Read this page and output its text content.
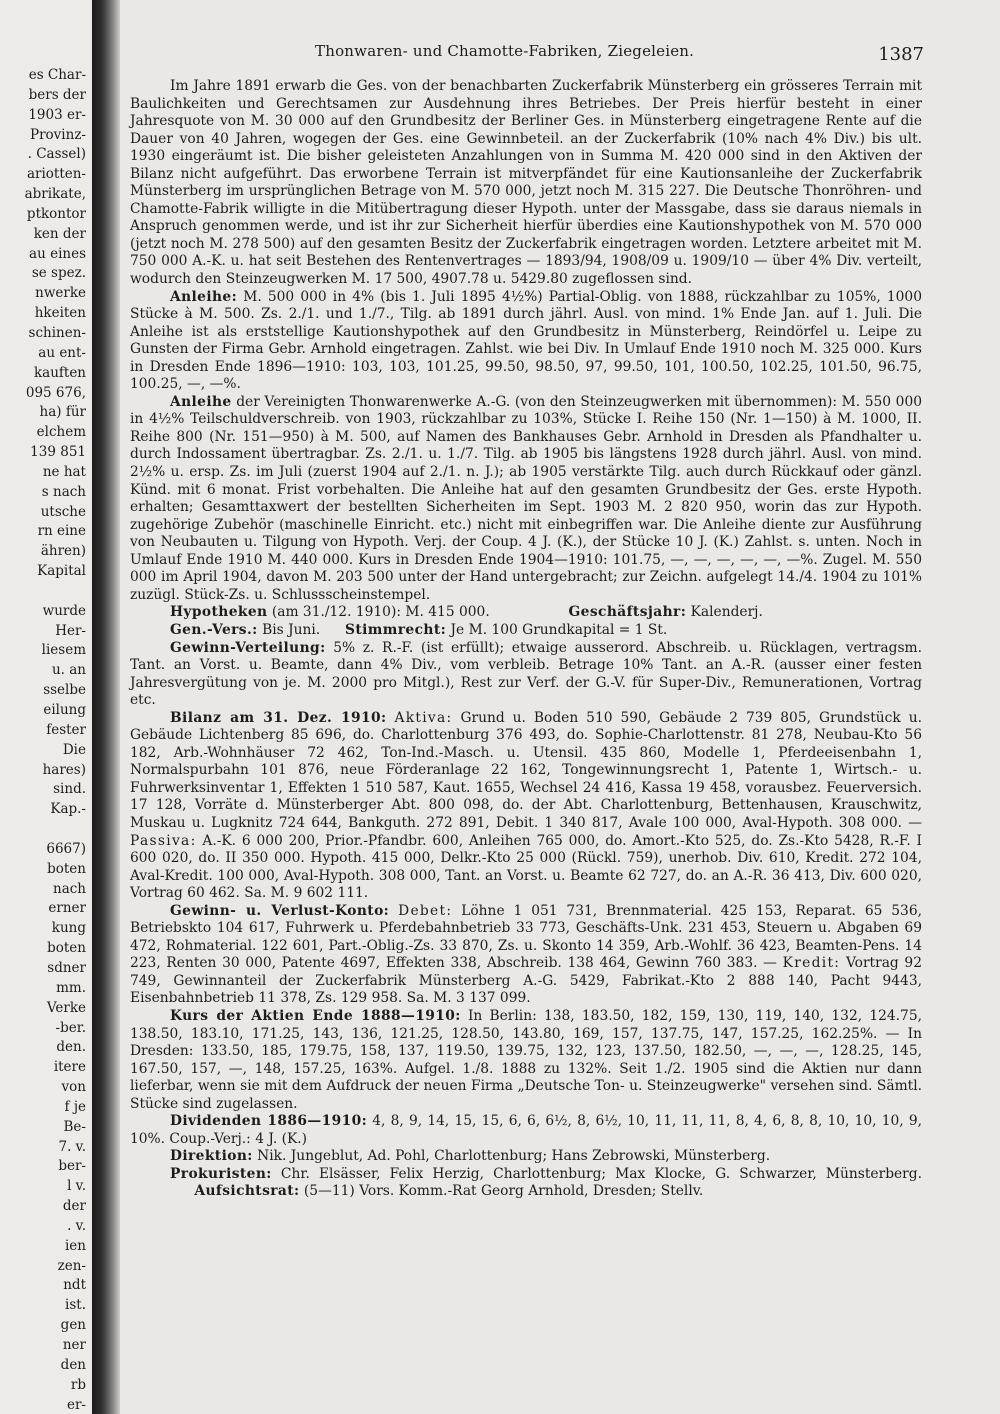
es Char-
bers der
1903 er-
Provinz-
. Cassel)
ariotten-
abrikate,
ptkontor
ken der
au eines
se spez.
nwerke
hkeiten
schinen-
au ent-
kauften
095 676,
ha) für
elchem
139 851
ne hat
s nach
utsche
rn eine
ähren)
Kapital

wurde
Her-
liesem
u. an
sselbe
eilung
fester
Die
hares)
sind.
Kap.-

6667)
boten
nach
erner
kung
boten
sdner
mm.
Verke
-ber.
den.
itere
von
f je
Be-
7. v.
ber-
l v.
der
. v.
ien
zen-
ndt
ist.
gen
ner
den
rb
er-
Thonwaren- und Chamotte-Fabriken, Ziegeleien.	1387

Im Jahre 1891 erwarb die Ges. von der benachbarten Zuckerfabrik Münsterberg ein grösseres Terrain mit Baulichkeiten und Gerechtsamen zur Ausdehnung ihres Betriebes. Der Preis hierfür besteht in einer Jahresquote von M. 30 000 auf den Grundbesitz der Berliner Ges. in Münsterberg eingetragene Rente auf die Dauer von 40 Jahren, wogegen der Ges. eine Gewinnbeteil. an der Zuckerfabrik (10% nach 4% Div.) bis ult. 1930 eingeräumt ist. Die bisher geleisteten Anzahlungen von in Summa M. 420 000 sind in den Aktiven der Bilanz nicht aufgeführt. Das erworbene Terrain ist mitverpfändet für eine Kautionsanleihe der Zuckerfabrik Münsterberg im ursprünglichen Betrage von M. 570 000, jetzt noch M. 315 227. Die Deutsche Thonröhren- und Chamotte-Fabrik willigte in die Mitübertragung dieser Hypoth. unter der Massgabe, dass sie daraus niemals in Anspruch genommen werde, und ist ihr zur Sicherheit hierfür überdies eine Kautionshypothek von M. 570 000 (jetzt noch M. 278 500) auf den gesamten Besitz der Zuckerfabrik eingetragen worden. Letztere arbeitet mit M. 750 000 A.-K. u. hat seit Bestehen des Rentenvertrages — 1893/94, 1908/09 u. 1909/10 — über 4% Div. verteilt, wodurch den Steinzeugwerken M. 17 500, 4907.78 u. 5429.80 zugeflossen sind.

Anleihe: M. 500 000 in 4% (bis 1. Juli 1895 4½%) Partial-Oblig. von 1888, rückzahlbar zu 105%, 1000 Stücke à M. 500. Zs. 2./1. und 1./7., Tilg. ab 1891 durch jährl. Ausl. von mind. 1% Ende Jan. auf 1. Juli. Die Anleihe ist als erststellige Kautionshypothek auf den Grundbesitz in Münsterberg, Reindörfel u. Leipe zu Gunsten der Firma Gebr. Arnhold eingetragen. Zahlst. wie bei Div. In Umlauf Ende 1910 noch M. 325 000. Kurs in Dresden Ende 1896—1910: 103, 103, 101.25, 99.50, 98.50, 97, 99.50, 101, 100.50, 102.25, 101.50, 96.75, 100.25, —, —%.

Anleihe der Vereinigten Thonwarenwerke A.-G. (von den Steinzeugwerken mit übernommen): M. 550 000 in 4½% Teilschuldverschreib. von 1903, rückzahlbar zu 103%, Stücke I. Reihe 150 (Nr. 1—150) à M. 1000, II. Reihe 800 (Nr. 151—950) à M. 500, auf Namen des Bankhauses Gebr. Arnhold in Dresden als Pfandhalter u. durch Indossament übertragbar. Zs. 2./1. u. 1./7. Tilg. ab 1905 bis längstens 1928 durch jährl. Ausl. von mind. 2½% u. ersp. Zs. im Juli (zuerst 1904 auf 2./1. n. J.); ab 1905 verstärkte Tilg. auch durch Rückkauf oder gänzl. Künd. mit 6 monat. Frist vorbehalten. Die Anleihe hat auf den gesamten Grundbesitz der Ges. erste Hypoth. erhalten; Gesamttaxwert der bestellten Sicherheiten im Sept. 1903 M. 2 820 950, worin das zur Hypoth. zugehörige Zubehör (maschinelle Einricht. etc.) nicht mit einbegriffen war. Die Anleihe diente zur Ausführung von Neubauten u. Tilgung von Hypoth. Verj. der Coup. 4 J. (K.), der Stücke 10 J. (K.) Zahlst. s. unten. Noch in Umlauf Ende 1910 M. 440 000. Kurs in Dresden Ende 1904—1910: 101.75, —, —, —, —, —, —%. Zugel. M. 550 000 im April 1904, davon M. 203 500 unter der Hand untergebracht; zur Zeichn. aufgelegt 14./4. 1904 zu 101% zuzügl. Stück-Zs. u. Schlussscheinstempel.

Hypotheken (am 31./12. 1910): M. 415 000.	Geschäftsjahr: Kalenderj.

Gen.-Vers.: Bis Juni. Stimmrecht: Je M. 100 Grundkapital = 1 St.

Gewinn-Verteilung: 5% z. R.-F. (ist erfüllt); etwaige ausserord. Abschreib. u. Rücklagen, vertragsm. Tant. an Vorst. u. Beamte, dann 4% Div., vom verbleib. Betrage 10% Tant. an A.-R. (ausser einer festen Jahresvergütung von je. M. 2000 pro Mitgl.), Rest zur Verf. der G.-V. für Super-Div., Remunerationen, Vortrag etc.

Bilanz am 31. Dez. 1910: Aktiva: Grund u. Boden 510 590, Gebäude 2 739 805, Grundstück u. Gebäude Lichtenberg 85 696, do. Charlottenburg 376 493, do. Sophie-Charlottenstr. 81 278, Neubau-Kto 56 182, Arb.-Wohnhäuser 72 462, Ton-Ind.-Masch. u. Utensil. 435 860, Modelle 1, Pferdeeisenbahn 1, Normalspurbahn 101 876, neue Förderanlage 22 162, Tongewinnungsrecht 1, Patente 1, Wirtsch.- u. Fuhrwerksinventar 1, Effekten 1 510 587, Kaut. 1655, Wechsel 24 416, Kassa 19 458, vorausbez. Feuerversich. 17 128, Vorräte d. Münsterberger Abt. 800 098, do. der Abt. Charlottenburg, Bettenhausen, Krauschwitz, Muskau u. Lugknitz 724 644, Bankguth. 272 891, Debit. 1 340 817, Avale 100 000, Aval-Hypoth. 308 000. — Passiva: A.-K. 6 000 200, Prior.-Pfandbr. 600, Anleihen 765 000, do. Amort.-Kto 525, do. Zs.-Kto 5428, R.-F. I 600 020, do. II 350 000. Hypoth. 415 000, Delkr.-Kto 25 000 (Rückl. 759), unerhob. Div. 610, Kredit. 272 104, Aval-Kredit. 100 000, Aval-Hypoth. 308 000, Tant. an Vorst. u. Beamte 62 727, do. an A.-R. 36 413, Div. 600 020, Vortrag 60 462. Sa. M. 9 602 111.

Gewinn- u. Verlust-Konto: Debet: Löhne 1 051 731, Brennmaterial. 425 153, Reparat. 65 536, Betriebskto 104 617, Fuhrwerk u. Pferdebahnbetrieb 33 773, Geschäfts-Unk. 231 453, Steuern u. Abgaben 69 472, Rohmaterial. 122 601, Part.-Oblig.-Zs. 33 870, Zs. u. Skonto 14 359, Arb.-Wohlf. 36 423, Beamten-Pens. 14 223, Renten 30 000, Patente 4697, Effekten 338, Abschreib. 138 464, Gewinn 760 383. — Kredit: Vortrag 92 749, Gewinnanteil der Zuckerfabrik Münsterberg A.-G. 5429, Fabrikat.-Kto 2 888 140, Pacht 9443, Eisenbahnbetrieb 11 378, Zs. 129 958. Sa. M. 3 137 099.

Kurs der Aktien Ende 1888—1910: In Berlin: 138, 183.50, 182, 159, 130, 119, 140, 132, 124.75, 138.50, 183.10, 171.25, 143, 136, 121.25, 128.50, 143.80, 169, 157, 137.75, 147, 157.25, 162.25%. — In Dresden: 133.50, 185, 179.75, 158, 137, 119.50, 139.75, 132, 123, 137.50, 182.50, —, —, —, 128.25, 145, 167.50, 157, —, 148, 157.25, 163%. Aufgel. 1./8. 1888 zu 132%. Seit 1./2. 1905 sind die Aktien nur dann lieferbar, wenn sie mit dem Aufdruck der neuen Firma „Deutsche Ton- u. Steinzeugwerke" versehen sind. Sämtl. Stücke sind zugelassen.

Dividenden 1886—1910: 4, 8, 9, 14, 15, 15, 6, 6, 6½, 8, 6½, 10, 11, 11, 11, 8, 4, 6, 8, 8, 10, 10, 10, 9, 10%. Coup.-Verj.: 4 J. (K.)

Direktion: Nik. Jungeblut, Ad. Pohl, Charlottenburg; Hans Zebrowski, Münsterberg.

Prokuristen: Chr. Elsässer, Felix Herzig, Charlottenburg; Max Klocke, G. Schwarzer, Münsterberg.  Aufsichtsrat: (5—11) Vors. Komm.-Rat Georg Arnhold, Dresden; Stellv.
